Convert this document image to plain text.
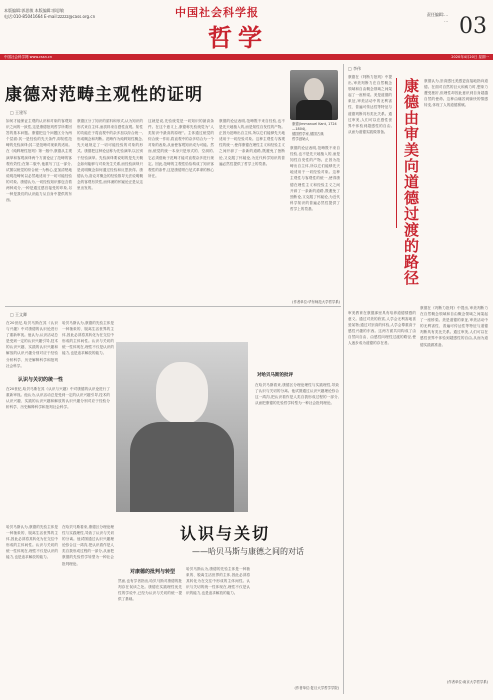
本版编辑:郭思敏 本版编辑:郭思敏
电话:010-85041664 E-mail:zzzzz@cass.org.cn	中国社会科学报
哲学
责任编辑:...
... 03
中国社会科学网 www.cssn.cn	2020年4月20日 星期一
康德对范畴主观性的证明
□ 王建军
如何才能保证主观的认识和对象的客观知识之间的一致性,这是康德批判哲学所要回答的基本问题。康德把这个问题区分为两个层面:其一是经验的先天条件,即知性范畴的先验演绎;其二是范畴对现象的适用。在《纯粹理性批判》第一版中,康德从主观演绎和客观演绎两个方面论证了范畴的客观有效性;在第二版中,他重写了这一部分,试图以统觉的综合统一为核心,更加清楚地说明范畴何以必然地适用于一切可能经验的对象。康德认为,一切经验知识都包含着两种成分,一种是通过感官接受的印象,另一种是我们的认识能力从自身中提供的东西。
康德区分了知识的质料和形式,认为知识的形式来自主体,而质料来自感性直观。知性的功能在于将直观中的杂多加以综合统一,形成概念和判断。范畴作为纯粹知性概念,先天地规定了一切可能经验的对象的形式。康德把这种论证称为先验演绎,以区别于经验演绎。先验演绎要说明的是先天概念如何能够与对象发生关系,而经验演绎只是说明概念如何通过经验和反思获得。康德认为,洛克对概念的经验推导无法说明概念的客观有效性,而休谟的怀疑论正是从这里出发的。
这就是说,先验统觉是一切知识的最高条件。在这个意义上,康德称先验统觉为“人类知识中最高的原理”。主体通过统觉的综合统一作用,将直观中的杂多结合为一个对象的表象,从而使客观知识成为可能。然而,统觉的统一本身只是形式的、空洞的,它必须借助于范畴才能对直观杂多进行规定。因此,范畴的主观性恰恰构成了知识客观性的条件,这是康德哥白尼式革命的核心所在。
康德的论证表明,范畴既不来自经验,也不是先天地植入的,而是知性自发性的产物。正因为范畴出自主体,所以它们能够先天地适用于一切经验对象。这种主观性与客观性的统一,使得康德在理性主义和经验主义之间开辟了一条新的道路,既避免了独断论,又克服了怀疑论,为近代科学知识的普遍必然性提供了哲学上的奠基。
康德(Immanuel Kant, 1724—1804),
德国哲学家,德国古典
哲学创始人
康德的论证表明,范畴既不来自经验,也不是先天地植入的,而是知性自发性的产物。正因为范畴出自主体,所以它们能够先天地适用于一切经验对象。这种主观性与客观性的统一,使得康德在理性主义和经验主义之间开辟了一条新的道路,既避免了独断论,又克服了怀疑论,为近代科学知识的普遍必然性提供了哲学上的奠基。
(作者单位:华东师范大学哲学系)
□ 李伟
康德由审美向道德过渡的路径
康德在《判断力批判》中提出,审美判断力在自然概念领域和自由概念领域之间架起了一座桥梁。美是道德的象征,审美活动中的无利害性、普遍可传达性等特征与道德判断具有类比关系。通过审美,人们可以在感性世界中体验到超感性的自由,从而为道德实践做准备。
康德认为,崇高感比美感更直接地指向道德。在面对自然的巨大和威力时,想象力遭受挫折,但理性却因此意识到自身超越自然的使命。这种由痛苦到愉快的情感转变,体现了人的道德禀赋。
审美教育在康德那里具有培养道德情感的意义。通过对美的欣赏,人学会无利害地喜爱某物;通过对崇高的体验,人学会尊重高于感性兴趣的东西。这两方面共同构成了由自然向自由、由感性向理性过渡的路径,使人逐步成为道德的存在者。
康德在《判断力批判》中提出,审美判断力在自然概念领域和自由概念领域之间架起了一座桥梁。美是道德的象征,审美活动中的无利害性、普遍可传达性等特征与道德判断具有类比关系。通过审美,人们可以在感性世界中体验到超感性的自由,从而为道德实践做准备。
(作者单位:南京大学哲学系)
□ 王文卿
在20世纪,哈贝马斯在其《认识与兴趣》中对康德的认识论进行了重新审视。他认为,认识活动总是受到一定的认识兴趣引导,技术的认识兴趣、实践的认识兴趣和解放的认识兴趣分别对应于经验分析科学、历史解释科学和批判社会科学。
哈贝马斯认为,康德的先验主体是一种抽象的、脱离生活世界的主体,因此必须将其转化为在交往中形成的主体间性。认识与关切的统一性体现在,理性不仅是认识的能力,也是追求解放的能力。
对哈贝马斯的批评
在哈贝马斯看来,康德区分理论理性与实践理性,导致了认识与关切的分离。他试图通过认识兴趣理论弥合这一鸿沟,把认识看作是人类自我形成过程的一部分,从而把康德的先验哲学转型为一种社会批判理论。
认识与关切的统一性
在20世纪,哈贝马斯在其《认识与兴趣》中对康德的认识论进行了重新审视。他认为,认识活动总是受到一定的认识兴趣引导,技术的认识兴趣、实践的认识兴趣和解放的认识兴趣分别对应于经验分析科学、历史解释科学和批判社会科学。
认识与关切
——哈贝马斯与康德之间的对话
哈贝马斯认为,康德的先验主体是一种抽象的、脱离生活世界的主体,因此必须将其转化为在交往中形成的主体间性。认识与关切的统一性体现在,理性不仅是认识的能力,也是追求解放的能力。
在哈贝马斯看来,康德区分理论理性与实践理性,导致了认识与关切的分离。他试图通过认识兴趣理论弥合这一鸿沟,把认识看作是人类自我形成过程的一部分,从而把康德的先验哲学转型为一种社会批判理论。
对康德的批判与转型
然而,也有学者指出,哈贝马斯对康德的批判存在误读之处。康德在实践理性优先性的学说中,已经为认识与关切的统一提供了基础。
哈贝马斯认为,康德的先验主体是一种抽象的、脱离生活世界的主体,因此必须将其转化为在交往中形成的主体间性。认识与关切的统一性体现在,理性不仅是认识的能力,也是追求解放的能力。
(作者单位:复旦大学哲学学院)
